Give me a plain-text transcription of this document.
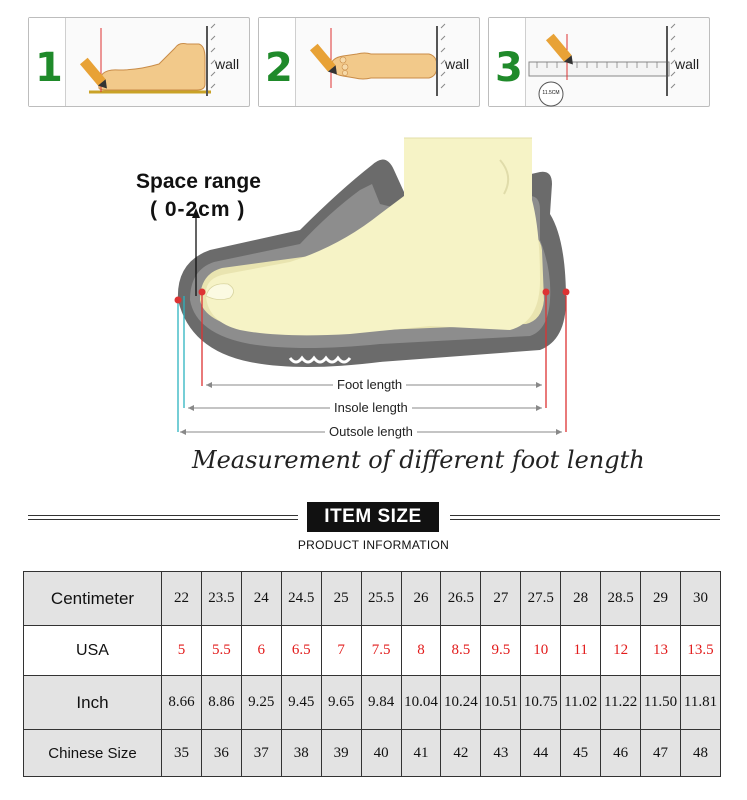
1	wall 2	wall 3
11.5CM
wall
Space range
( 0-2cm )
Foot length
Insole length
Outsole length
Measurement of different foot length
ITEM SIZE
PRODUCT INFORMATION
Centimeter	22	23.5	24	24.5	25	25.5	26	26.5	27	27.5	28	28.5	29	30
USA	5	5.5	6	6.5	7	7.5	8	8.5	9.5	10	11	12	13	13.5
Inch	8.66	8.86	9.25	9.45	9.65	9.84	10.04	10.24	10.51	10.75	11.02	11.22	11.50	11.81
Chinese Size	35	36	37	38	39	40	41	42	43	44	45	46	47	48
